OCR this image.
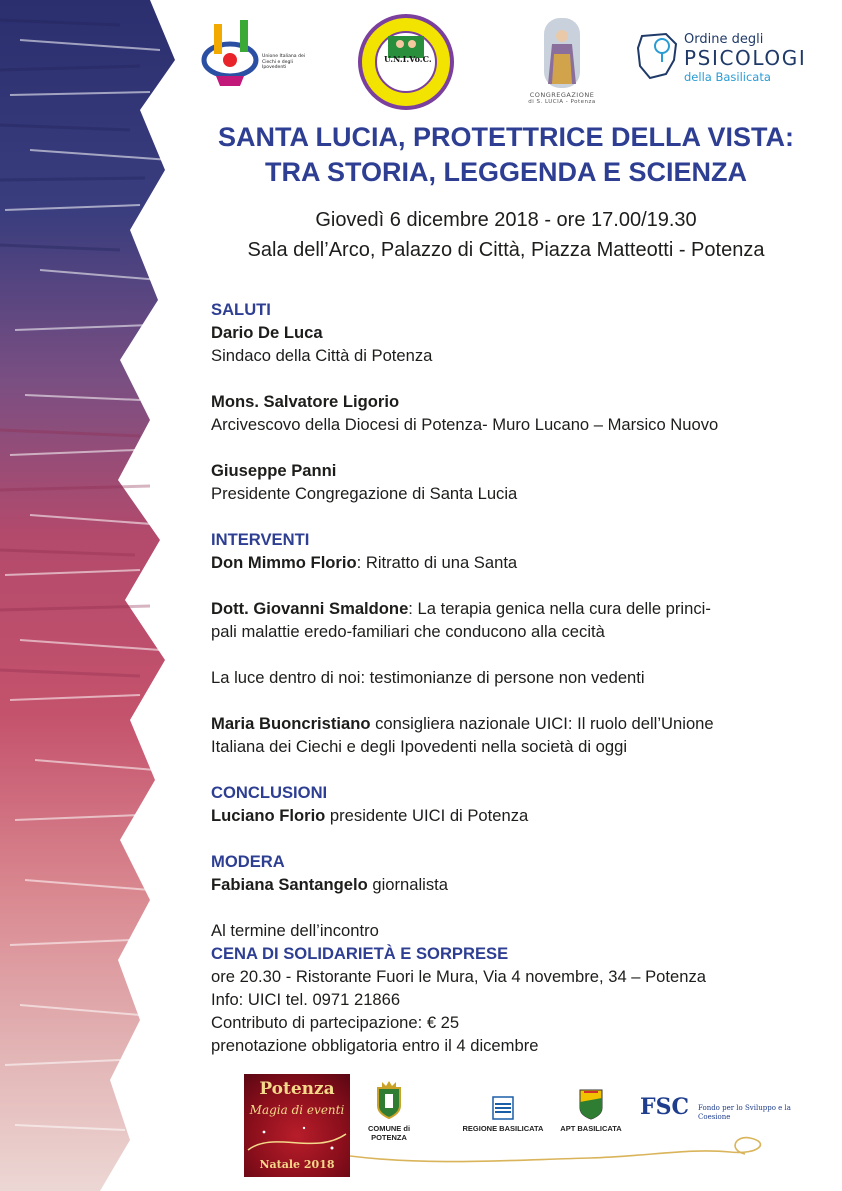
Unione Italiana dei Ciechi e degli Ipovedenti
U.N.I.Vo.C.
CONGREGAZIONE
di S. LUCIA - Potenza
Ordine degli
PSICOLOGI
della Basilicata
SANTA LUCIA, PROTETTRICE DELLA VISTA:
TRA STORIA, LEGGENDA E SCIENZA
Giovedì 6 dicembre 2018 - ore 17.00/19.30
Sala dell’Arco, Palazzo di Città, Piazza Matteotti - Potenza

SALUTI

Dario De Luca

Sindaco della Città di Potenza

Mons. Salvatore Ligorio

Arcivescovo della Diocesi di Potenza- Muro Lucano – Marsico Nuovo

Giuseppe Panni

Presidente Congregazione di Santa Lucia

INTERVENTI

Don Mimmo Florio: Ritratto di una Santa

Dott. Giovanni Smaldone: La terapia genica nella cura delle princi-

pali malattie eredo-familiari che conducono alla cecità

La luce dentro di noi: testimonianze di persone non vedenti

Maria Buoncristiano consigliera nazionale UICI: Il ruolo dell’Unione

Italiana dei Ciechi e degli Ipovedenti nella società di oggi

CONCLUSIONI

Luciano Florio presidente UICI di Potenza

MODERA

Fabiana Santangelo giornalista

Al termine dell’incontro

CENA DI SOLIDARIETÀ E SORPRESE

ore 20.30 - Ristorante Fuori le Mura, Via 4 novembre, 34 – Potenza

Info: UICI tel. 0971 21866

Contributo di partecipazione: € 25

prenotazione obbligatoria entro il 4 dicembre

Potenza
Magia di eventi
Natale 2018
COMUNE di POTENZA
REGIONE BASILICATA	APT BASILICATA
FSC Fondo per lo Sviluppo e la Coesione
